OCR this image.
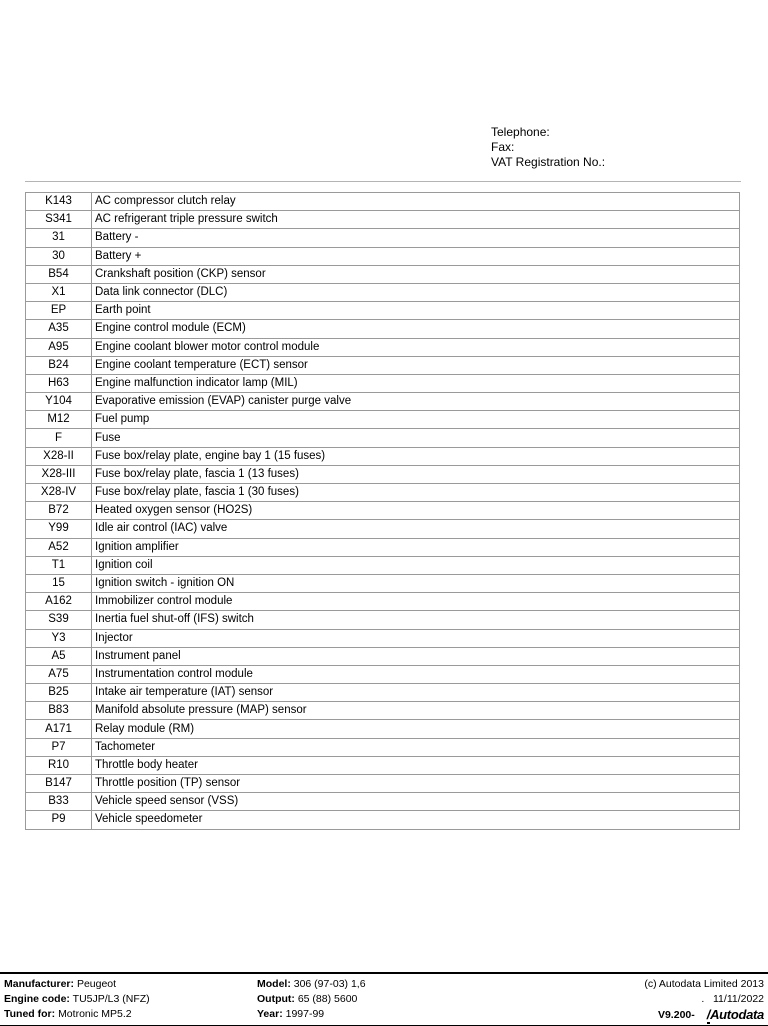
Telephone:
Fax:
VAT Registration No.:
K143	AC compressor clutch relay
S341	AC refrigerant triple pressure switch
31	Battery -
30	Battery +
B54	Crankshaft position (CKP) sensor
X1	Data link connector (DLC)
EP	Earth point
A35	Engine control module (ECM)
A95	Engine coolant blower motor control module
B24	Engine coolant temperature (ECT) sensor
H63	Engine malfunction indicator lamp (MIL)
Y104	Evaporative emission (EVAP) canister purge valve
M12	Fuel pump
F	Fuse
X28-II	Fuse box/relay plate, engine bay 1 (15 fuses)
X28-III	Fuse box/relay plate, fascia 1 (13 fuses)
X28-IV	Fuse box/relay plate, fascia 1 (30 fuses)
B72	Heated oxygen sensor (HO2S)
Y99	Idle air control (IAC) valve
A52	Ignition amplifier
T1	Ignition coil
15	Ignition switch - ignition ON
A162	Immobilizer control module
S39	Inertia fuel shut-off (IFS) switch
Y3	Injector
A5	Instrument panel
A75	Instrumentation control module
B25	Intake air temperature (IAT) sensor
B83	Manifold absolute pressure (MAP) sensor
A171	Relay module (RM)
P7	Tachometer
R10	Throttle body heater
B147	Throttle position (TP) sensor
B33	Vehicle speed sensor (VSS)
P9	Vehicle speedometer
Manufacturer: Peugeot
Engine code: TU5JP/L3 (NFZ)
Tuned for: Motronic MP5.2
Model: 306 (97-03) 1,6
Output: 65 (88) 5600
Year: 1997-99
(c) Autodata Limited 2013
. 11/11/2022
V9.200- /Autodata
